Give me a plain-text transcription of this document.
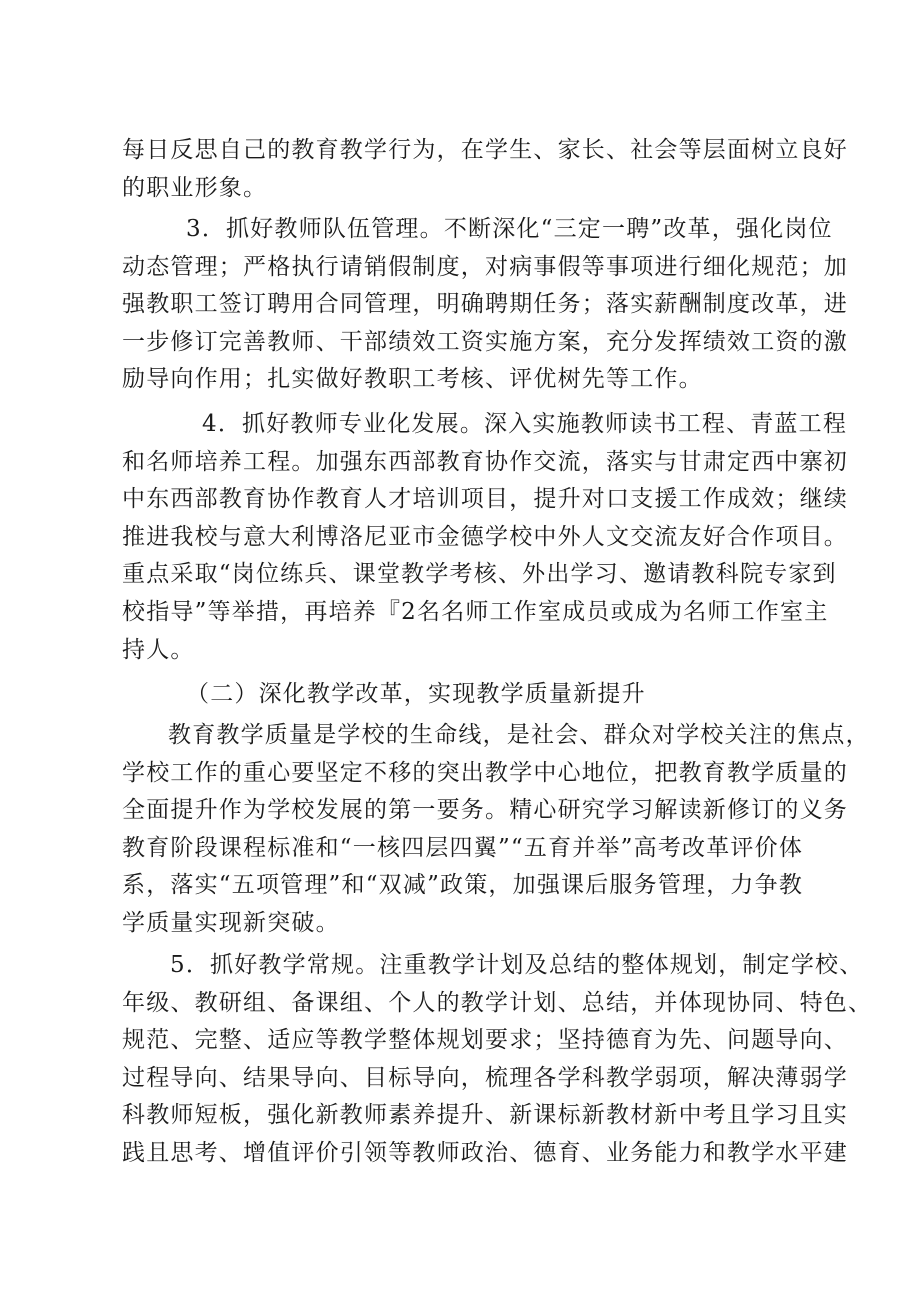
每日反思自己的教育教学行为，在学生、家长、社会等层面树立良好
的职业形象。
3．抓好教师队伍管理。不断深化“三定一聘”改革，强化岗位
动态管理；严格执行请销假制度，对病事假等事项进行细化规范；加
强教职工签订聘用合同管理，明确聘期任务；落实薪酬制度改革，进
一步修订完善教师、干部绩效工资实施方案，充分发挥绩效工资的激
励导向作用；扎实做好教职工考核、评优树先等工作。
4．抓好教师专业化发展。深入实施教师读书工程、青蓝工程
和名师培养工程。加强东西部教育协作交流，落实与甘肃定西中寨初
中东西部教育协作教育人才培训项目，提升对口支援工作成效；继续
推进我校与意大利博洛尼亚市金德学校中外人文交流友好合作项目。
重点采取“岗位练兵、课堂教学考核、外出学习、邀请教科院专家到
校指导”等举措，再培养『2名名师工作室成员或成为名师工作室主
持人。
（二）深化教学改革，实现教学质量新提升
教育教学质量是学校的生命线，是社会、群众对学校关注的焦点，
学校工作的重心要坚定不移的突出教学中心地位，把教育教学质量的
全面提升作为学校发展的第一要务。精心研究学习解读新修订的义务
教育阶段课程标准和“一核四层四翼”“五育并举”高考改革评价体
系，落实“五项管理”和“双减”政策，加强课后服务管理，力争教
学质量实现新突破。
5．抓好教学常规。注重教学计划及总结的整体规划，制定学校、
年级、教研组、备课组、个人的教学计划、总结，并体现协同、特色、
规范、完整、适应等教学整体规划要求；坚持德育为先、问题导向、
过程导向、结果导向、目标导向，梳理各学科教学弱项，解决薄弱学
科教师短板，强化新教师素养提升、新课标新教材新中考且学习且实
践且思考、增值评价引领等教师政治、德育、业务能力和教学水平建
